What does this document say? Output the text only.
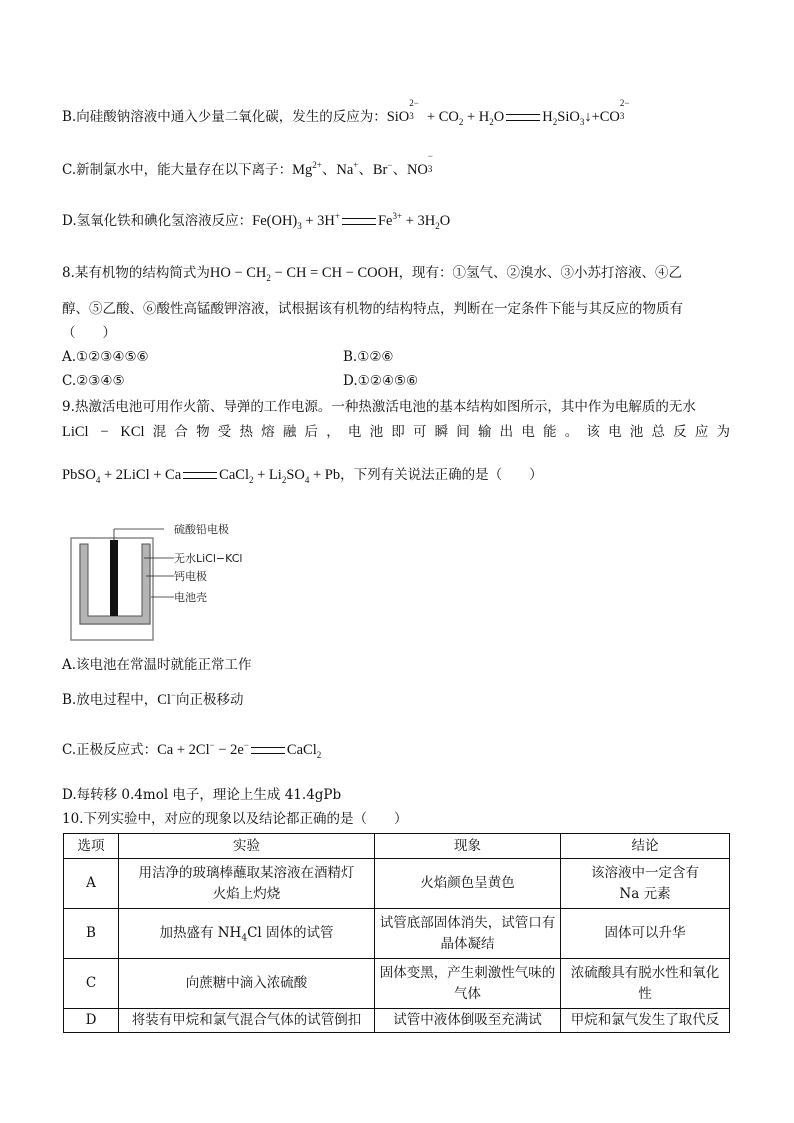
B.向硅酸钠溶液中通入少量二氧化碳，发生的反应为：SiO
2−
$3 + CO_2 + H_2O$	$H_2SiO_3↓+CO$
2−
3
C.新制氯水中，能大量存在以下离子：$Mg^{2+}$、Na+、Br−、NO
−
3
D.氢氧化铁和碘化氢溶液反应：$Fe(OH)_3 + 3H^+$	$Fe^{3+} + 3H_2O$
8.某有机物的结构简式为HO − $CH_2$ − CH = CH − COOH，现有：①氢气、②溴水、③小苏打溶液、④乙
醇、⑤乙酸、⑥酸性高锰酸钾溶液，试根据该有机物的结构特点，判断在一定条件下能与其反应的物质有
（　　）
A.①②③④⑤⑥	B.①②⑥
C.②③④⑤	D.①②④⑤⑥
9.热激活电池可用作火箭、导弹的工作电源。一种热激活电池的基本结构如图所示，其中作为电解质的无水
LiCl − KCl混合物受热熔融后，电池即可瞬间输出电能。该电池总反应为
PbSO$_4$ + 2LiCl + Ca	CaCl$_2$ + $Li_2SO_4 + Pb$，下列有关说法正确的是（　　）
硫酸铅电极
无水LiCl−KCl
钙电极
电池壳
A.该电池在常温时就能正常工作
B.放电过程中，Cl−向正极移动
C.正极反应式：Ca + 2Cl− − 2e−	CaCl$_2$
D.每转移 0.4mol 电子，理论上生成 41.4gPb
10.下列实验中，对应的现象以及结论都正确的是（　　）
选项	实验	现象	结论
A	用洁净的玻璃棒蘸取某溶液在酒精灯火焰上灼烧	火焰颜色呈黄色	该溶液中一定含有 Na 元素
B	加热盛有 $NH_4Cl$ 固体的试管	试管底部固体消失，试管口有晶体凝结	固体可以升华
C	向蔗糖中滴入浓硫酸	固体变黑，产生刺激性气味的气体	浓硫酸具有脱水性和氧化性
D	将装有甲烷和氯气混合气体的试管倒扣	试管中液体倒吸至充满试	甲烷和氯气发生了取代反
